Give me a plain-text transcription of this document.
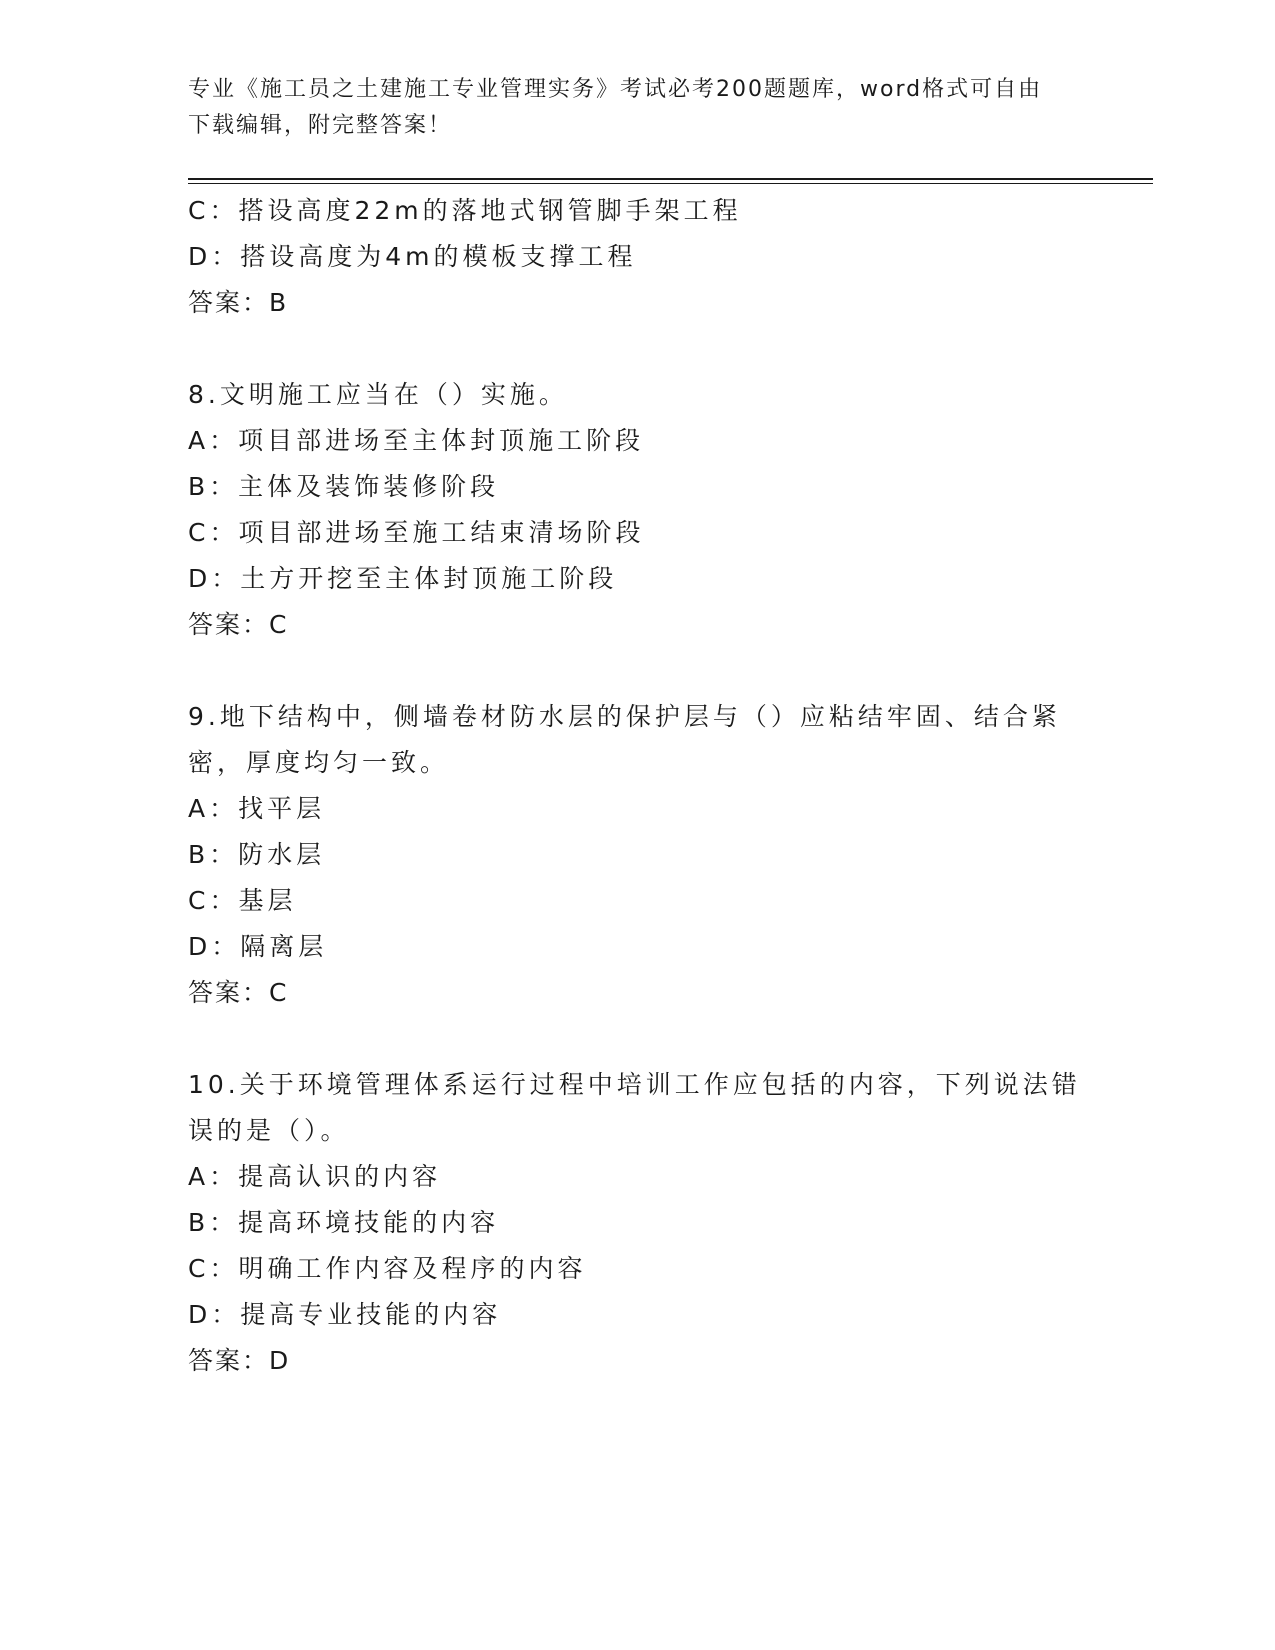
专业《施工员之土建施工专业管理实务》考试必考200题题库，word格式可自由
下载编辑，附完整答案！
C：搭设高度22m的落地式钢管脚手架工程
D：搭设高度为4m的模板支撑工程
答案：B
8.文明施工应当在（）实施。
A：项目部进场至主体封顶施工阶段
B：主体及装饰装修阶段
C：项目部进场至施工结束清场阶段
D：土方开挖至主体封顶施工阶段
答案：C
9.地下结构中，侧墙卷材防水层的保护层与（）应粘结牢固、结合紧
密，厚度均匀一致。
A：找平层
B：防水层
C：基层
D：隔离层
答案：C
10.关于环境管理体系运行过程中培训工作应包括的内容，下列说法错
误的是（）。
A：提高认识的内容
B：提高环境技能的内容
C：明确工作内容及程序的内容
D：提高专业技能的内容
答案：D
